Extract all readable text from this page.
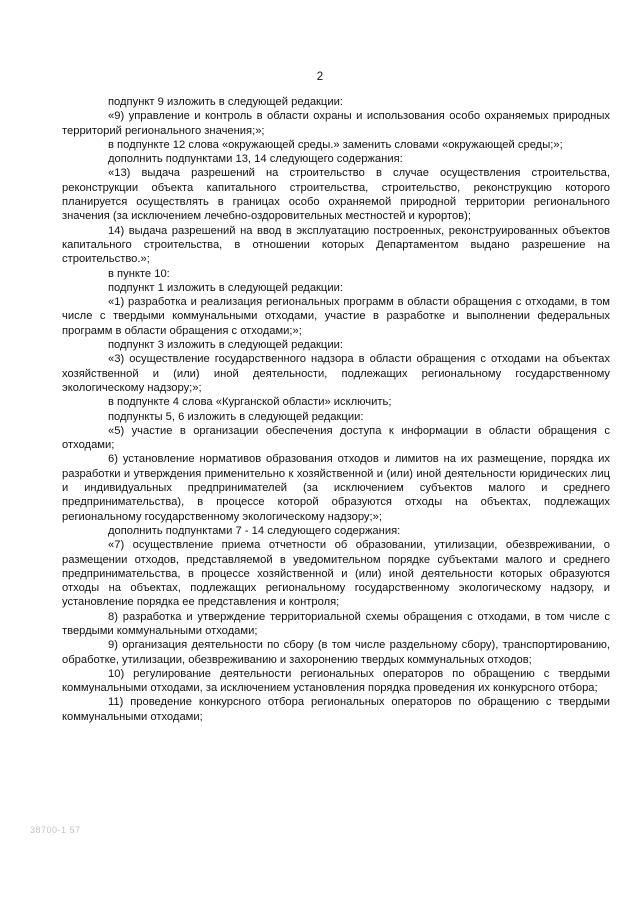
2

подпункт 9 изложить в следующей редакции:

«9) управление и контроль в области охраны и использования особо охраняемых природных территорий регионального значения;»;

в подпункте 12 слова «окружающей среды.» заменить словами «окружающей среды;»;

дополнить подпунктами 13, 14 следующего содержания:

«13) выдача разрешений на строительство в случае осуществления строительства, реконструкции объекта капитального строительства, строительство, реконструкцию которого планируется осуществлять в границах особо охраняемой природной территории регионального значения (за исключением лечебно-оздоровительных местностей и курортов);

14) выдача разрешений на ввод в эксплуатацию построенных, реконструированных объектов капитального строительства, в отношении которых Департаментом выдано разрешение на строительство.»;

в пункте 10:

подпункт 1 изложить в следующей редакции:

«1) разработка и реализация региональных программ в области обращения с отходами, в том числе с твердыми коммунальными отходами, участие в разработке и выполнении федеральных программ в области обращения с отходами;»;

подпункт 3 изложить в следующей редакции:

«3) осуществление государственного надзора в области обращения с отходами на объектах хозяйственной и (или) иной деятельности, подлежащих региональному государственному экологическому надзору;»;

в подпункте 4 слова «Курганской области» исключить;

подпункты 5, 6 изложить в следующей редакции:

«5) участие в организации обеспечения доступа к информации в области обращения с отходами;

6) установление нормативов образования отходов и лимитов на их размещение, порядка их разработки и утверждения применительно к хозяйственной и (или) иной деятельности юридических лиц и индивидуальных предпринимателей (за исключением субъектов малого и среднего предпринимательства), в процессе которой образуются отходы на объектах, подлежащих региональному государственному экологическому надзору;»;

дополнить подпунктами 7 - 14 следующего содержания:

«7) осуществление приема отчетности об образовании, утилизации, обезвреживании, о размещении отходов, представляемой в уведомительном порядке субъектами малого и среднего предпринимательства, в процессе хозяйственной и (или) иной деятельности которых образуются отходы на объектах, подлежащих региональному государственному экологическому надзору, и установление порядка ее представления и контроля;

8) разработка и утверждение территориальной схемы обращения с отходами, в том числе с твердыми коммунальными отходами;

9) организация деятельности по сбору (в том числе раздельному сбору), транспортированию, обработке, утилизации, обезвреживанию и захоронению твердых коммунальных отходов;

10) регулирование деятельности региональных операторов по обращению с твердыми коммунальными отходами, за исключением установления порядка проведения их конкурсного отбора;

11) проведение конкурсного отбора региональных операторов по обращению с твердыми коммунальными отходами;

38700-1 57
